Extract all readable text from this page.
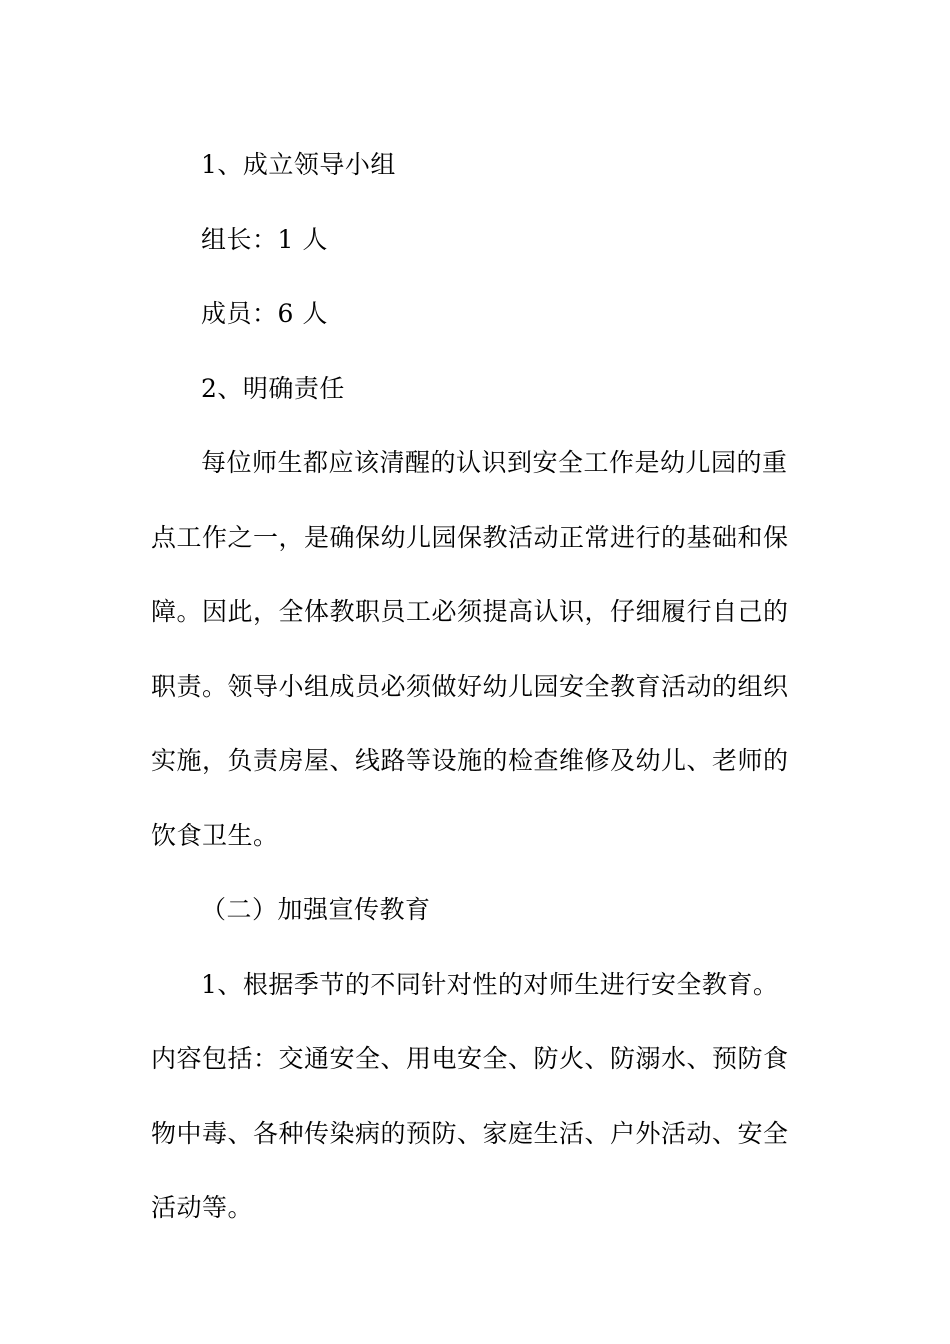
1、成立领导小组

组长：1 人

成员：6 人

2、明确责任

每位师生都应该清醒的认识到安全工作是幼儿园的重点工作之一，是确保幼儿园保教活动正常进行的基础和保障。因此，全体教职员工必须提高认识，仔细履行自己的职责。领导小组成员必须做好幼儿园安全教育活动的组织实施，负责房屋、线路等设施的检查维修及幼儿、老师的饮食卫生。

（二）加强宣传教育

1、根据季节的不同针对性的对师生进行安全教育。内容包括：交通安全、用电安全、防火、防溺水、预防食物中毒、各种传染病的预防、家庭生活、户外活动、安全活动等。
